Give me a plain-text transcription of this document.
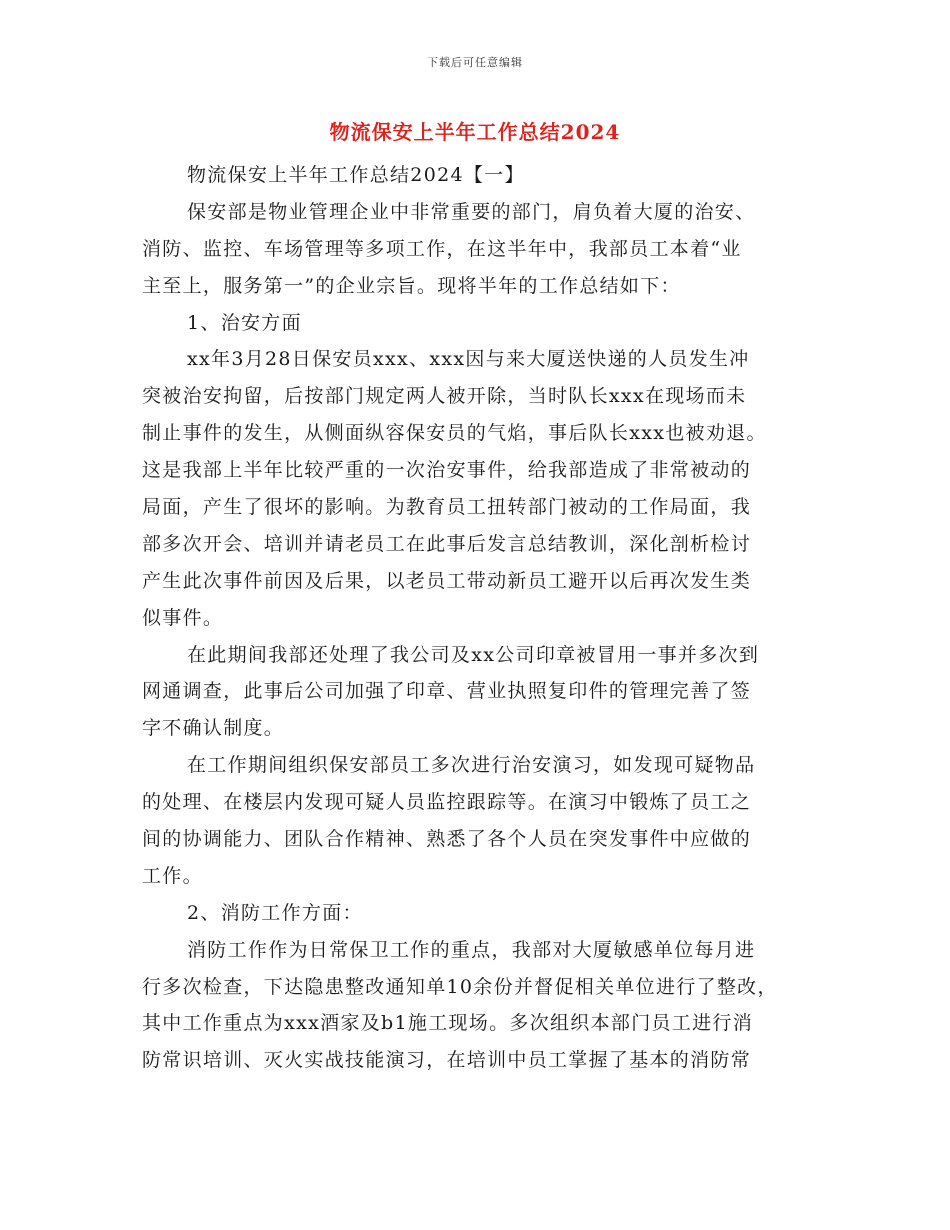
下载后可任意编辑
物流保安上半年工作总结2024
物流保安上半年工作总结2024【一】
保安部是物业管理企业中非常重要的部门，肩负着大厦的治安、
消防、监控、车场管理等多项工作，在这半年中，我部员工本着“业
主至上，服务第一”的企业宗旨。现将半年的工作总结如下：
1、治安方面
xx年3月28日保安员xxx、xxx因与来大厦送快递的人员发生冲
突被治安拘留，后按部门规定两人被开除，当时队长xxx在现场而未
制止事件的发生，从侧面纵容保安员的气焰，事后队长xxx也被劝退。
这是我部上半年比较严重的一次治安事件，给我部造成了非常被动的
局面，产生了很坏的影响。为教育员工扭转部门被动的工作局面，我
部多次开会、培训并请老员工在此事后发言总结教训，深化剖析检讨
产生此次事件前因及后果，以老员工带动新员工避开以后再次发生类
似事件。
在此期间我部还处理了我公司及xx公司印章被冒用一事并多次到
网通调查，此事后公司加强了印章、营业执照复印件的管理完善了签
字不确认制度。
在工作期间组织保安部员工多次进行治安演习，如发现可疑物品
的处理、在楼层内发现可疑人员监控跟踪等。在演习中锻炼了员工之
间的协调能力、团队合作精神、熟悉了各个人员在突发事件中应做的
工作。
2、消防工作方面：
消防工作作为日常保卫工作的重点，我部对大厦敏感单位每月进
行多次检查，下达隐患整改通知单10余份并督促相关单位进行了整改，
其中工作重点为xxx酒家及b1施工现场。多次组织本部门员工进行消
防常识培训、灭火实战技能演习，在培训中员工掌握了基本的消防常
